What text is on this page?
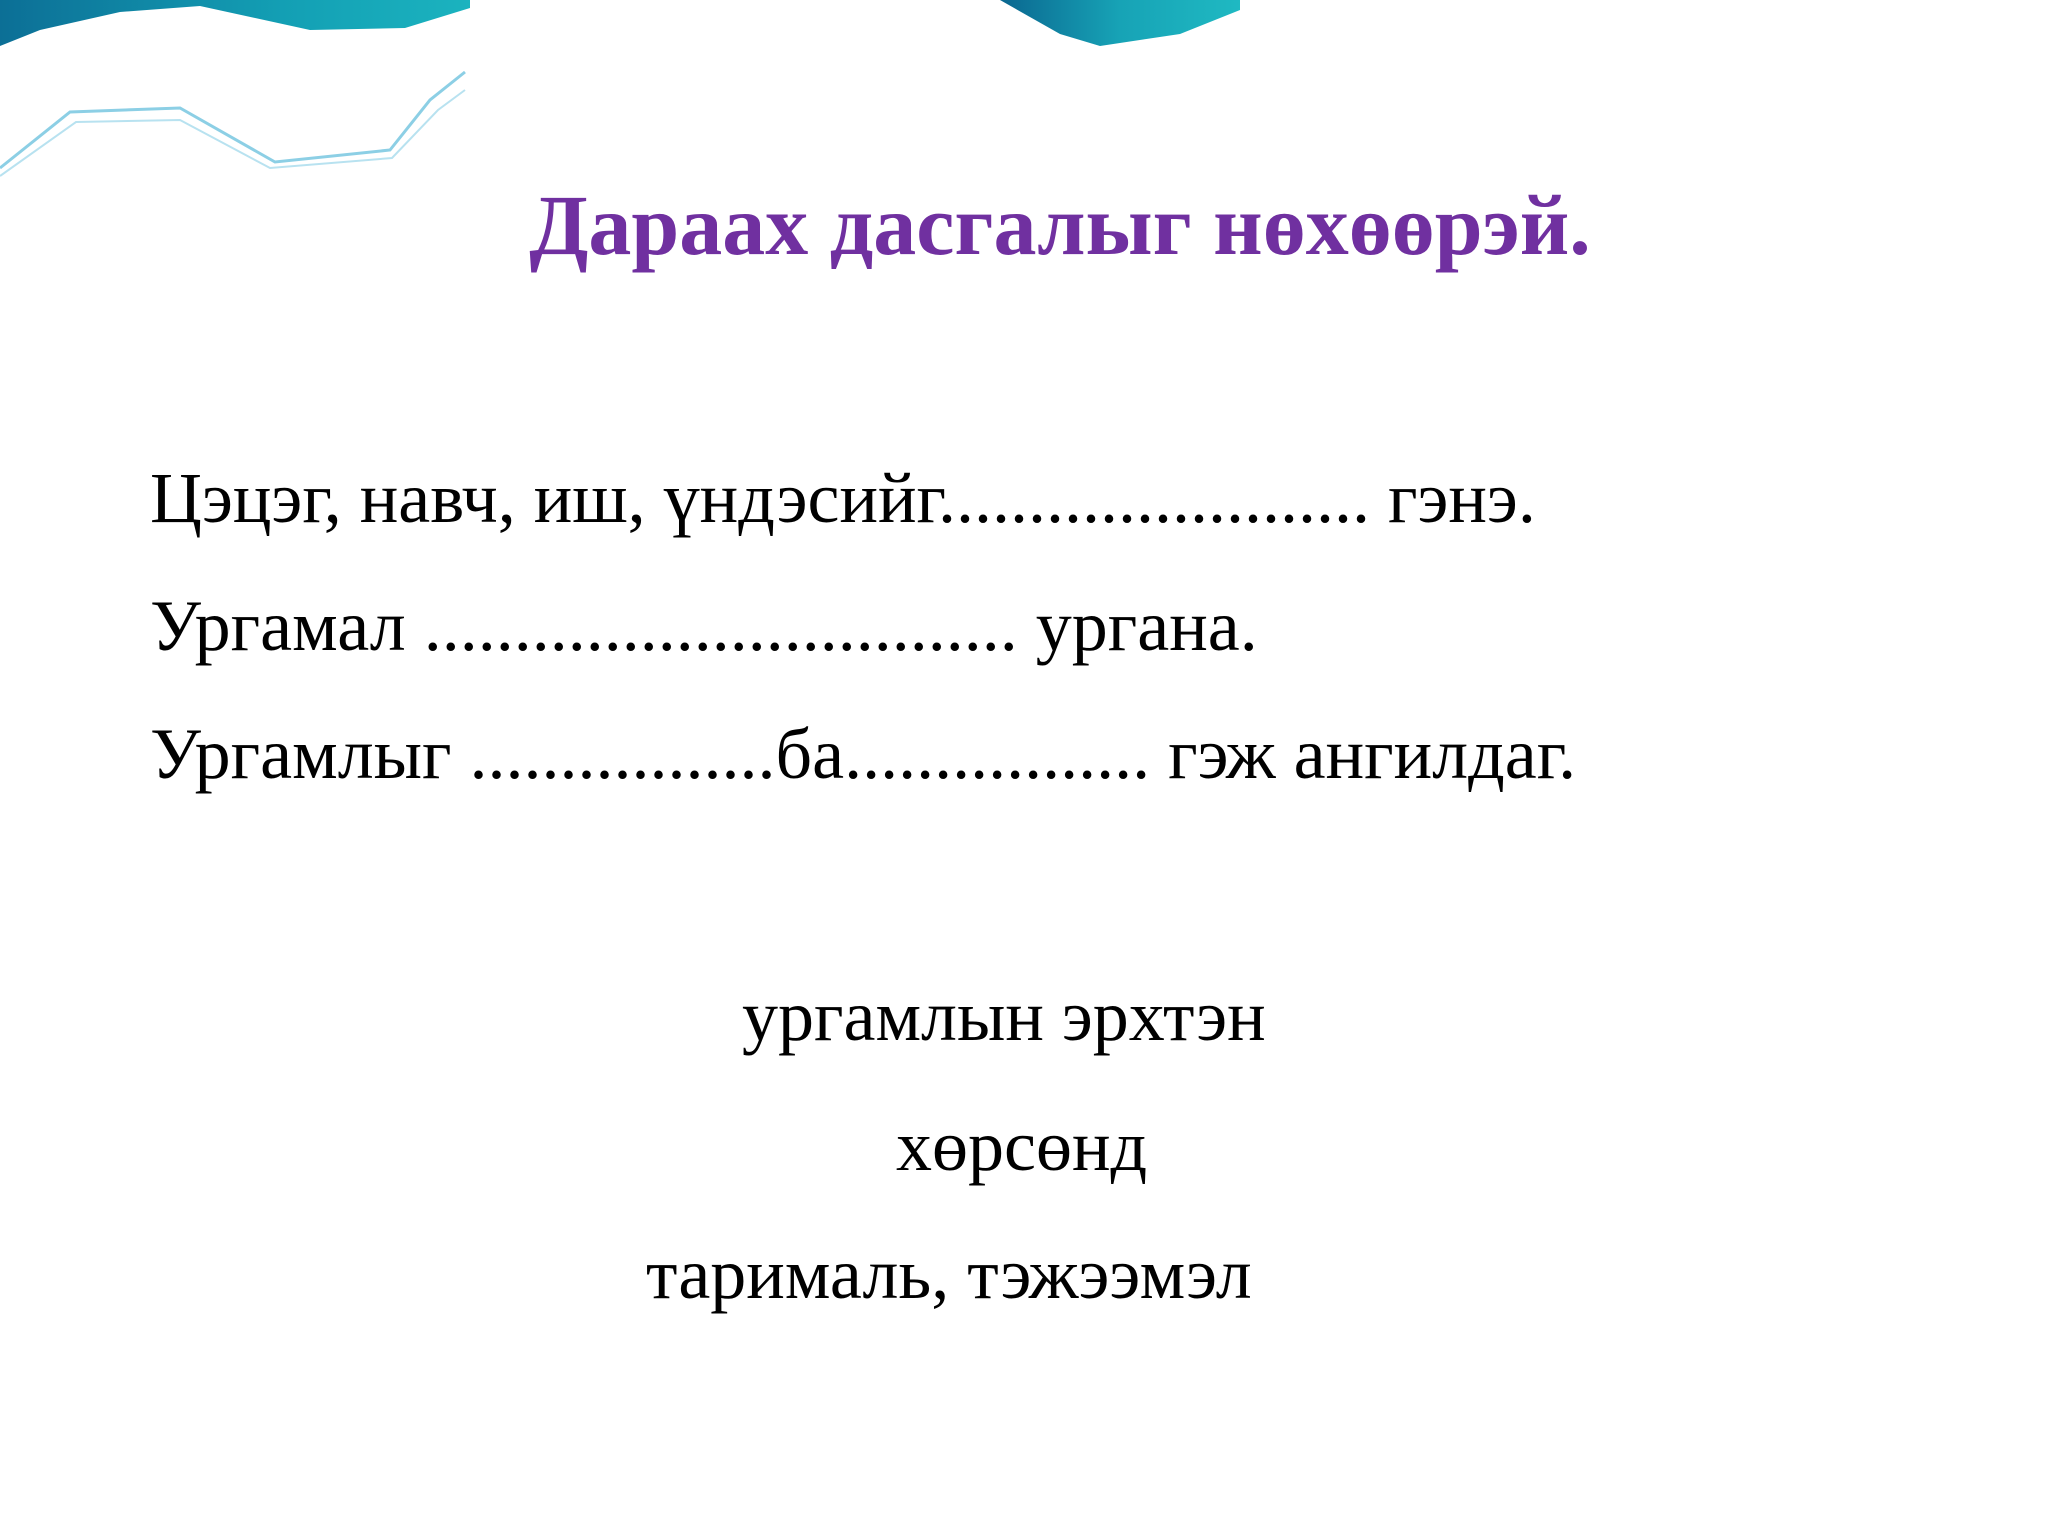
Дараах дасгалыг нөхөөрэй.
Цэцэг, навч, иш, үндэсийг........................ гэнэ.
Ургамал ................................. ургана.
Ургамлыг .................ба................. гэж ангилдаг.
ургамлын эрхтэн
хөрсөнд
тарималь, тэжээмэл
